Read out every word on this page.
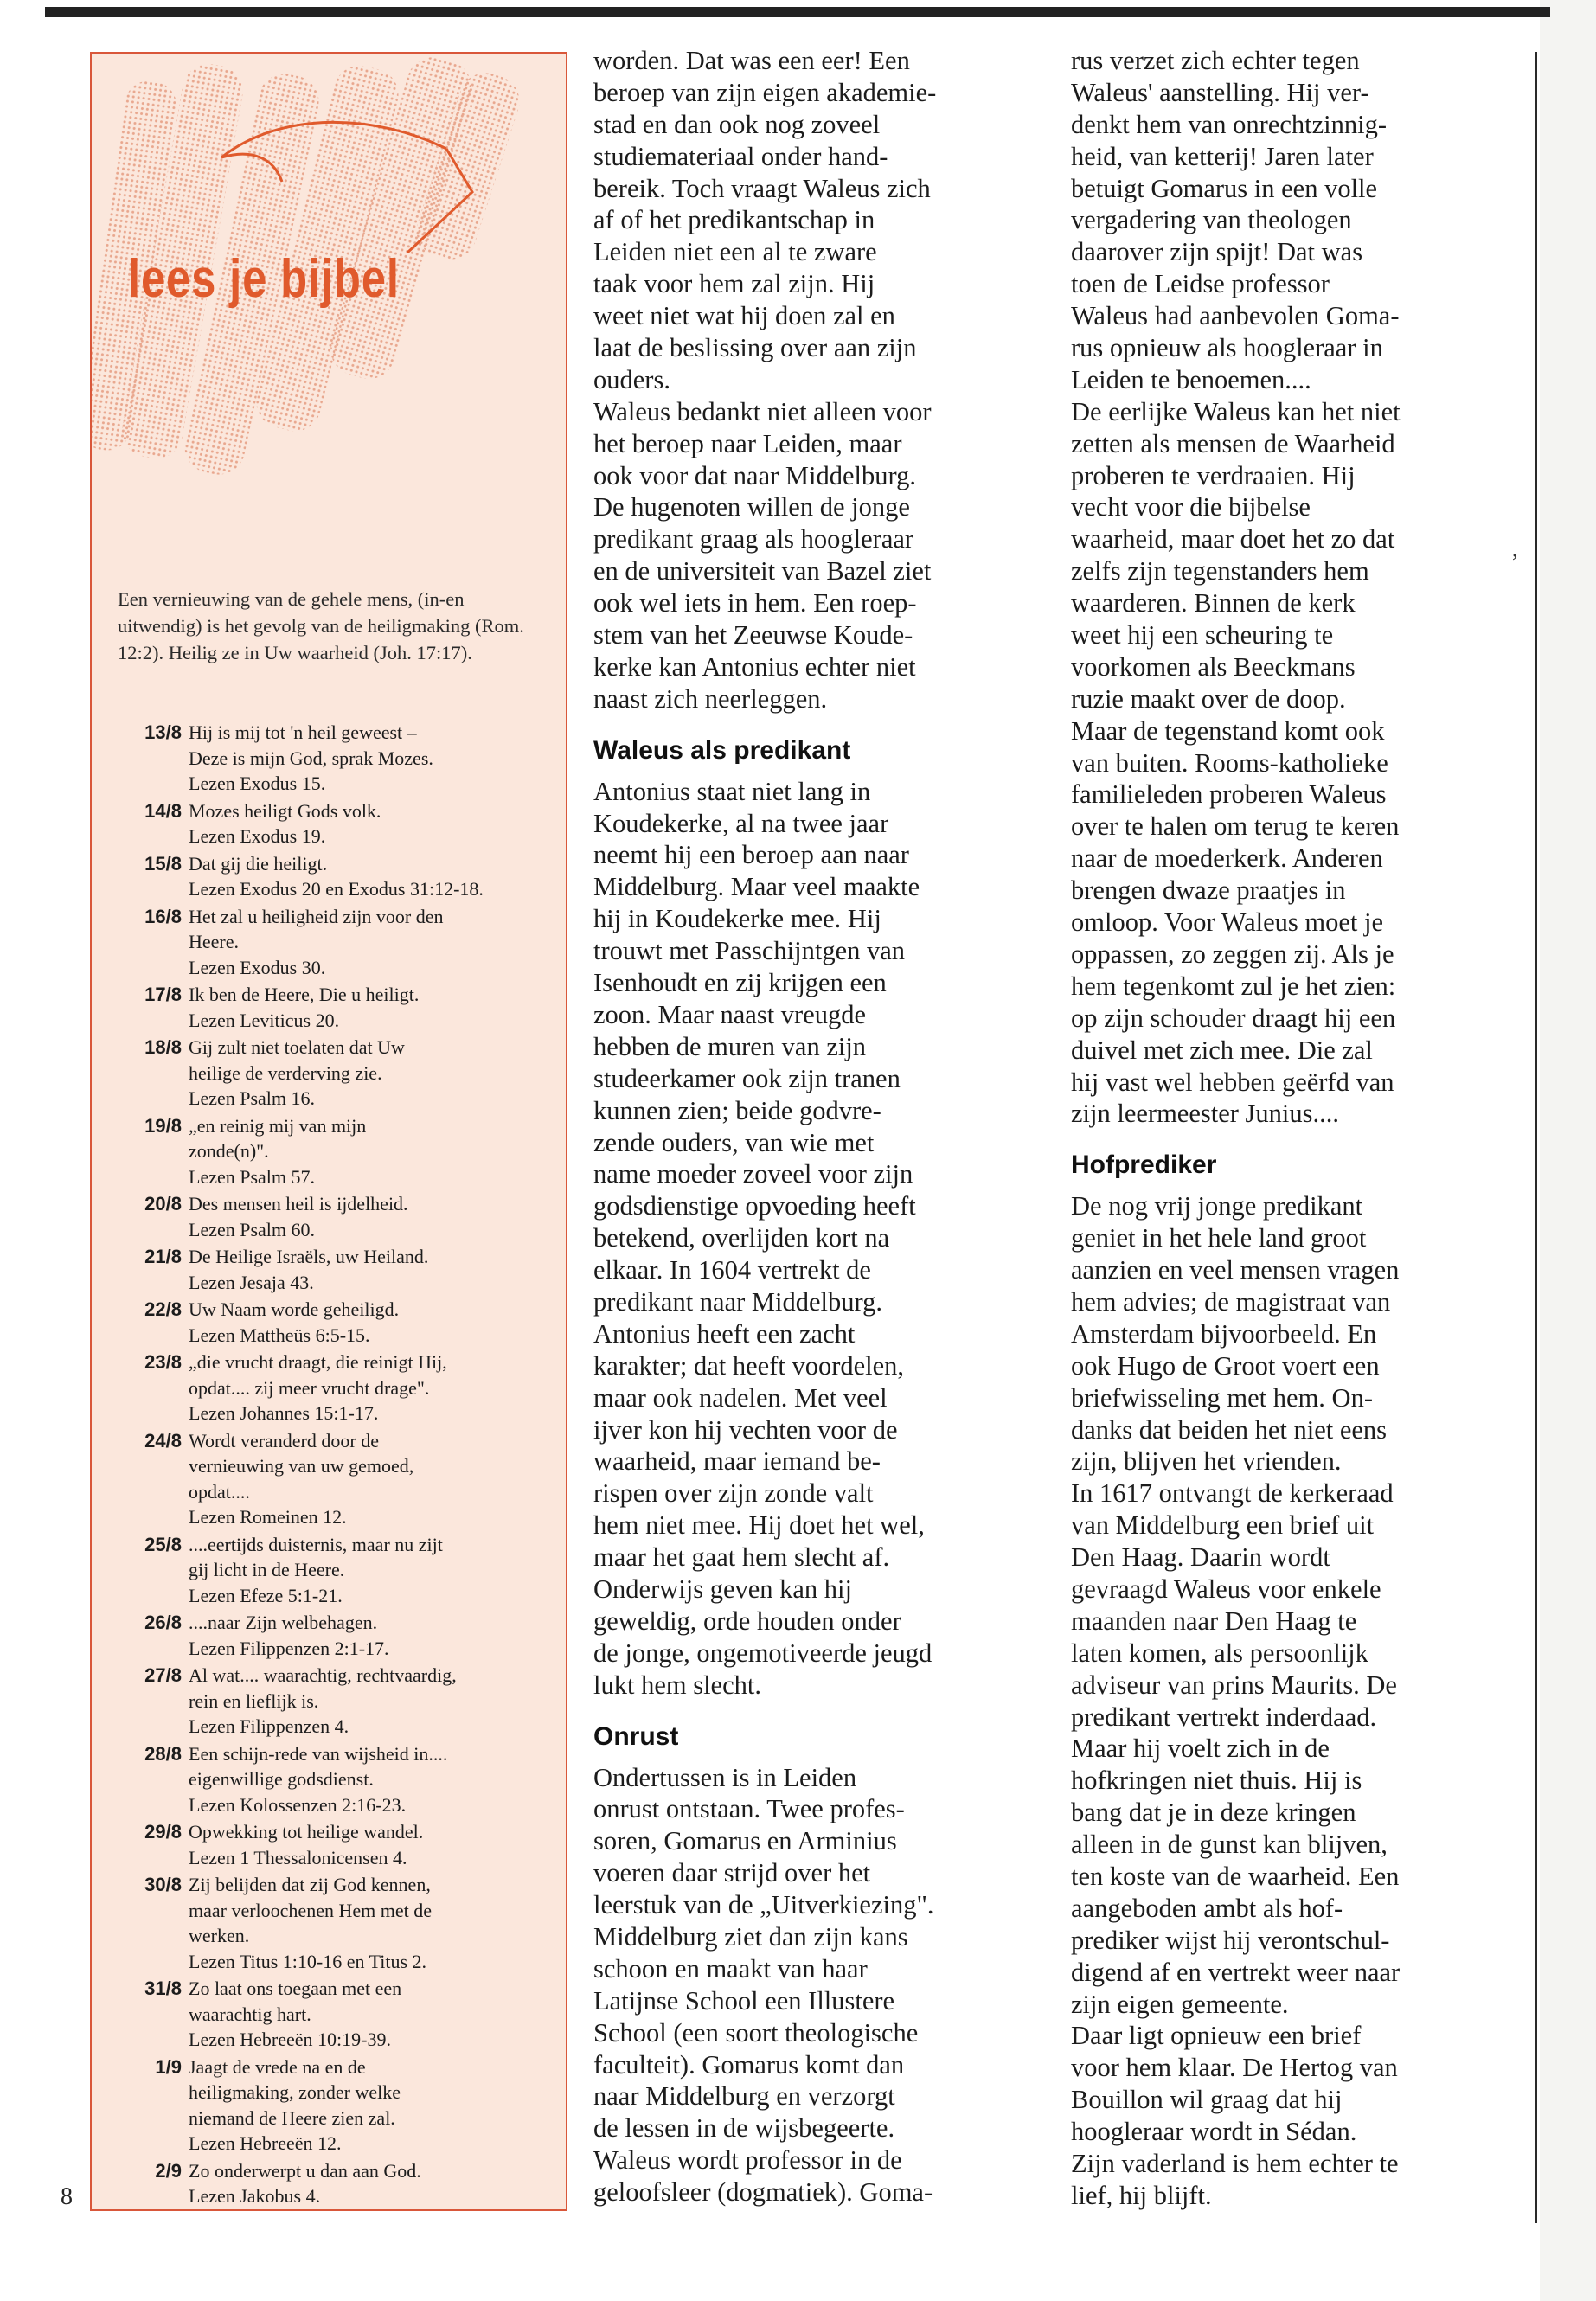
lees je bijbel

Een vernieuwing van de gehele mens, (in-en uitwendig) is het gevolg van de heiligmaking (Rom. 12:2). Heilig ze in Uw waarheid (Joh. 17:17).

13/8 Hij is mij tot 'n heil geweest –
Deze is mijn God, sprak Mozes.
Lezen Exodus 15.
14/8 Mozes heiligt Gods volk.
Lezen Exodus 19.
15/8 Dat gij die heiligt.
Lezen Exodus 20 en Exodus 31:12-18.
16/8 Het zal u heiligheid zijn voor den
Heere.
Lezen Exodus 30.
17/8 Ik ben de Heere, Die u heiligt.
Lezen Leviticus 20.
18/8 Gij zult niet toelaten dat Uw
heilige de verderving zie.
Lezen Psalm 16.
19/8 „en reinig mij van mijn
zonde(n)".
Lezen Psalm 57.
20/8 Des mensen heil is ijdelheid.
Lezen Psalm 60.
21/8 De Heilige Israëls, uw Heiland.
Lezen Jesaja 43.
22/8 Uw Naam worde geheiligd.
Lezen Mattheüs 6:5-15.
23/8 „die vrucht draagt, die reinigt Hij,
opdat.... zij meer vrucht drage".
Lezen Johannes 15:1-17.
24/8 Wordt veranderd door de
vernieuwing van uw gemoed,
opdat....
Lezen Romeinen 12.
25/8 ....eertijds duisternis, maar nu zijt
gij licht in de Heere.
Lezen Efeze 5:1-21.
26/8 ....naar Zijn welbehagen.
Lezen Filippenzen 2:1-17.
27/8 Al wat.... waarachtig, rechtvaardig,
rein en lieflijk is.
Lezen Filippenzen 4.
28/8 Een schijn-rede van wijsheid in....
eigenwillige godsdienst.
Lezen Kolossenzen 2:16-23.
29/8 Opwekking tot heilige wandel.
Lezen 1 Thessalonicensen 4.
30/8 Zij belijden dat zij God kennen,
maar verloochenen Hem met de
werken.
Lezen Titus 1:10-16 en Titus 2.
31/8 Zo laat ons toegaan met een
waarachtig hart.
Lezen Hebreeën 10:19-39.
1/9 Jaagt de vrede na en de
heiligmaking, zonder welke
niemand de Heere zien zal.
Lezen Hebreeën 12.
2/9 Zo onderwerpt u dan aan God.
Lezen Jakobus 4.

8

worden. Dat was een eer! Een
beroep van zijn eigen akademie-
stad en dan ook nog zoveel
studiemateriaal onder hand-
bereik. Toch vraagt Waleus zich
af of het predikantschap in
Leiden niet een al te zware
taak voor hem zal zijn. Hij
weet niet wat hij doen zal en
laat de beslissing over aan zijn
ouders.
Waleus bedankt niet alleen voor
het beroep naar Leiden, maar
ook voor dat naar Middelburg.
De hugenoten willen de jonge
predikant graag als hoogleraar
en de universiteit van Bazel ziet
ook wel iets in hem. Een roep-
stem van het Zeeuwse Koude-
kerke kan Antonius echter niet
naast zich neerleggen.
Waleus als predikant
Antonius staat niet lang in
Koudekerke, al na twee jaar
neemt hij een beroep aan naar
Middelburg. Maar veel maakte
hij in Koudekerke mee. Hij
trouwt met Passchijntgen van
Isenhoudt en zij krijgen een
zoon. Maar naast vreugde
hebben de muren van zijn
studeerkamer ook zijn tranen
kunnen zien; beide godvre-
zende ouders, van wie met
name moeder zoveel voor zijn
godsdienstige opvoeding heeft
betekend, overlijden kort na
elkaar. In 1604 vertrekt de
predikant naar Middelburg.
Antonius heeft een zacht
karakter; dat heeft voordelen,
maar ook nadelen. Met veel
ijver kon hij vechten voor de
waarheid, maar iemand be-
rispen over zijn zonde valt
hem niet mee. Hij doet het wel,
maar het gaat hem slecht af.
Onderwijs geven kan hij
geweldig, orde houden onder
de jonge, ongemotiveerde jeugd
lukt hem slecht.
Onrust
Ondertussen is in Leiden
onrust ontstaan. Twee profes-
soren, Gomarus en Arminius
voeren daar strijd over het
leerstuk van de „Uitverkiezing".
Middelburg ziet dan zijn kans
schoon en maakt van haar
Latijnse School een Illustere
School (een soort theologische
faculteit). Gomarus komt dan
naar Middelburg en verzorgt
de lessen in de wijsbegeerte.
Waleus wordt professor in de
geloofsleer (dogmatiek). Goma-
rus verzet zich echter tegen
Waleus' aanstelling. Hij ver-
denkt hem van onrechtzinnig-
heid, van ketterij! Jaren later
betuigt Gomarus in een volle
vergadering van theologen
daarover zijn spijt! Dat was
toen de Leidse professor
Waleus had aanbevolen Goma-
rus opnieuw als hoogleraar in
Leiden te benoemen....
De eerlijke Waleus kan het niet
zetten als mensen de Waarheid
proberen te verdraaien. Hij
vecht voor die bijbelse
waarheid, maar doet het zo dat
zelfs zijn tegenstanders hem
waarderen. Binnen de kerk
weet hij een scheuring te
voorkomen als Beeckmans
ruzie maakt over de doop.
Maar de tegenstand komt ook
van buiten. Rooms-katholieke
familieleden proberen Waleus
over te halen om terug te keren
naar de moederkerk. Anderen
brengen dwaze praatjes in
omloop. Voor Waleus moet je
oppassen, zo zeggen zij. Als je
hem tegenkomt zul je het zien:
op zijn schouder draagt hij een
duivel met zich mee. Die zal
hij vast wel hebben geërfd van
zijn leermeester Junius....
Hofprediker
De nog vrij jonge predikant
geniet in het hele land groot
aanzien en veel mensen vragen
hem advies; de magistraat van
Amsterdam bijvoorbeeld. En
ook Hugo de Groot voert een
briefwisseling met hem. On-
danks dat beiden het niet eens
zijn, blijven het vrienden.
In 1617 ontvangt de kerkeraad
van Middelburg een brief uit
Den Haag. Daarin wordt
gevraagd Waleus voor enkele
maanden naar Den Haag te
laten komen, als persoonlijk
adviseur van prins Maurits. De
predikant vertrekt inderdaad.
Maar hij voelt zich in de
hofkringen niet thuis. Hij is
bang dat je in deze kringen
alleen in de gunst kan blijven,
ten koste van de waarheid. Een
aangeboden ambt als hof-
prediker wijst hij verontschul-
digend af en vertrekt weer naar
zijn eigen gemeente.
Daar ligt opnieuw een brief
voor hem klaar. De Hertog van
Bouillon wil graag dat hij
hoogleraar wordt in Sédan.
Zijn vaderland is hem echter te
lief, hij blijft.
,
